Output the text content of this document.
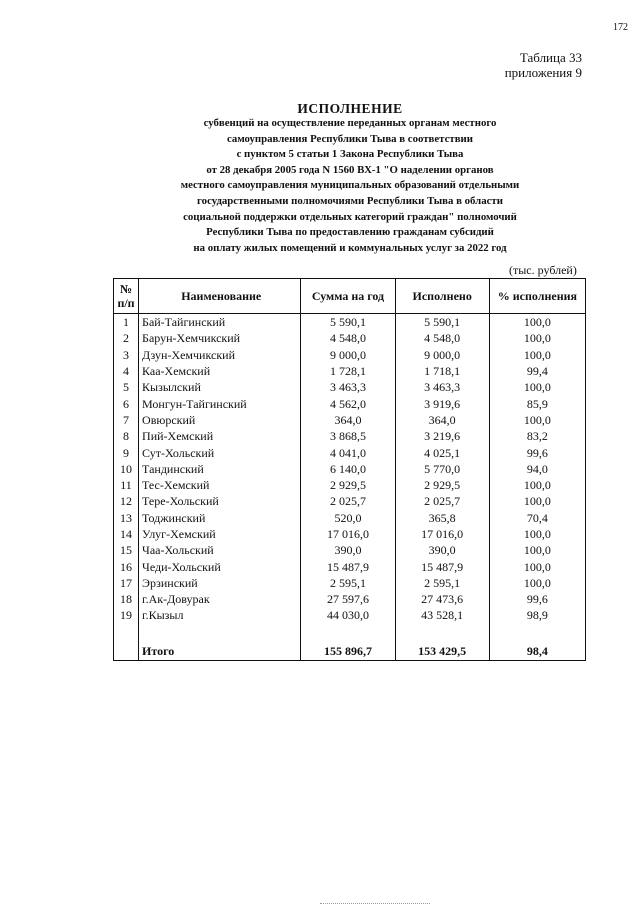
172
Таблица 33
приложения 9
ИСПОЛНЕНИЕ
субвенций на осуществление переданных органам местного
самоуправления Республики Тыва в соответствии
с пунктом 5 статьи 1 Закона Республики Тыва
от 28 декабря 2005 года N 1560 ВХ-1 "О наделении органов
местного самоуправления муниципальных образований отдельными
государственными полномочиями Республики Тыва в области
социальной поддержки отдельных категорий граждан" полномочий
Республики Тыва по предоставлению гражданам субсидий
на оплату жилых помещений и коммунальных услуг за 2022 год
(тыс. рублей)
№
п/п	Наименование	Сумма на год	Исполнено	% исполнения
1	Бай-Тайгинский	5 590,1	5 590,1	100,0
2	Барун-Хемчикский	4 548,0	4 548,0	100,0
3	Дзун-Хемчикский	9 000,0	9 000,0	100,0
4	Каа-Хемский	1 728,1	1 718,1	99,4
5	Кызылский	3 463,3	3 463,3	100,0
6	Монгун-Тайгинский	4 562,0	3 919,6	85,9
7	Овюрский	364,0	364,0	100,0
8	Пий-Хемский	3 868,5	3 219,6	83,2
9	Сут-Хольский	4 041,0	4 025,1	99,6
10	Тандинский	6 140,0	5 770,0	94,0
11	Тес-Хемский	2 929,5	2 929,5	100,0
12	Тере-Хольский	2 025,7	2 025,7	100,0
13	Тоджинский	520,0	365,8	70,4
14	Улуг-Хемский	17 016,0	17 016,0	100,0
15	Чаа-Хольский	390,0	390,0	100,0
16	Чеди-Хольский	15 487,9	15 487,9	100,0
17	Эрзинский	2 595,1	2 595,1	100,0
18	г.Ак-Довурак	27 597,6	27 473,6	99,6
19	г.Кызыл	44 030,0	43 528,1	98,9

	Итого	155 896,7	153 429,5	98,4
